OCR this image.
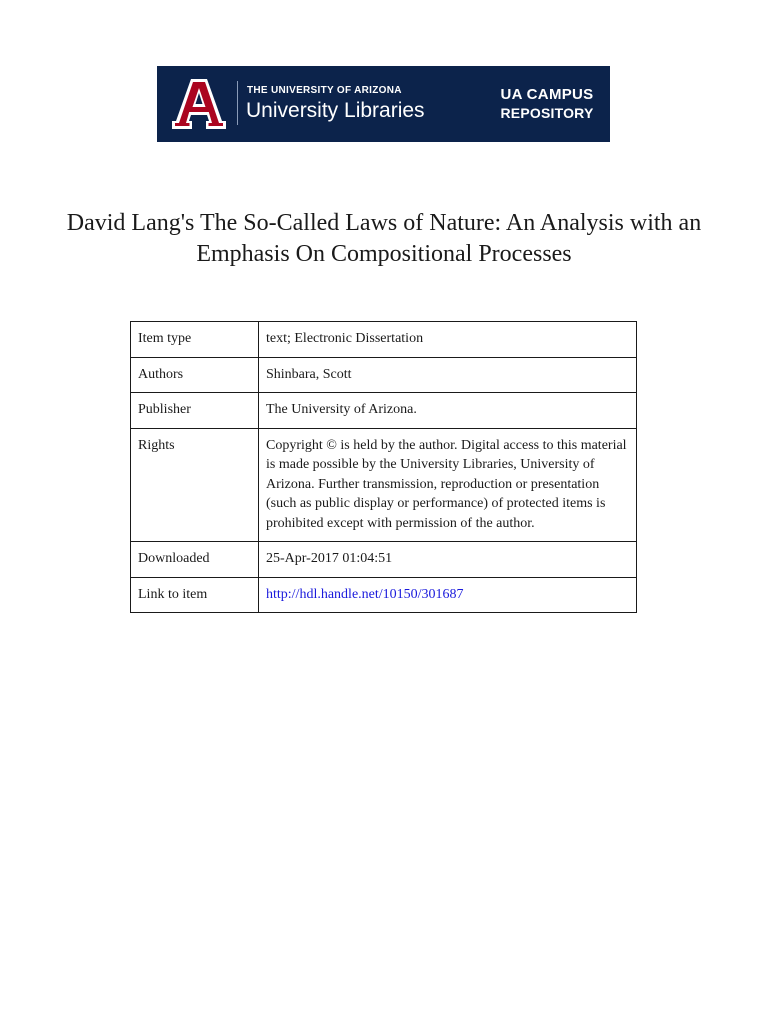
THE UNIVERSITY OF ARIZONA
University Libraries
UA CAMPUS
REPOSITORY
David Lang's The So-Called Laws of Nature: An Analysis with an Emphasis On Compositional Processes
Item type	text; Electronic Dissertation
Authors	Shinbara, Scott
Publisher	The University of Arizona.
Rights	Copyright © is held by the author. Digital access to this material is made possible by the University Libraries, University of Arizona. Further transmission, reproduction or presentation (such as public display or performance) of protected items is prohibited except with permission of the author.
Downloaded	25-Apr-2017 01:04:51
Link to item	http://hdl.handle.net/10150/301687
